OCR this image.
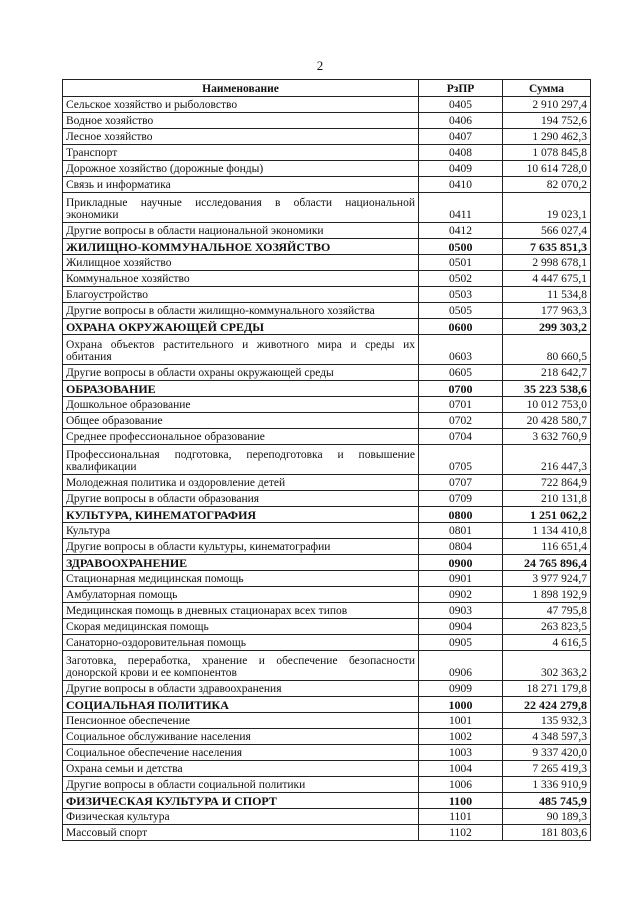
2
Наименование	РзПР	Сумма
Сельское хозяйство и рыболовство	0405	2 910 297,4
Водное хозяйство	0406	194 752,6
Лесное хозяйство	0407	1 290 462,3
Транспорт	0408	1 078 845,8
Дорожное хозяйство (дорожные фонды)	0409	10 614 728,0
Связь и информатика	0410	82 070,2
Прикладные научные исследования в области национальной экономики	0411	19 023,1
Другие вопросы в области национальной экономики	0412	566 027,4
ЖИЛИЩНО-КОММУНАЛЬНОЕ ХОЗЯЙСТВО	0500	7 635 851,3
Жилищное хозяйство	0501	2 998 678,1
Коммунальное хозяйство	0502	4 447 675,1
Благоустройство	0503	11 534,8
Другие вопросы в области жилищно-коммунального хозяйства	0505	177 963,3
ОХРАНА ОКРУЖАЮЩЕЙ СРЕДЫ	0600	299 303,2
Охрана объектов растительного и животного мира и среды их обитания	0603	80 660,5
Другие вопросы в области охраны окружающей среды	0605	218 642,7
ОБРАЗОВАНИЕ	0700	35 223 538,6
Дошкольное образование	0701	10 012 753,0
Общее образование	0702	20 428 580,7
Среднее профессиональное образование	0704	3 632 760,9
Профессиональная подготовка, переподготовка и повышение квалификации	0705	216 447,3
Молодежная политика и оздоровление детей	0707	722 864,9
Другие вопросы в области образования	0709	210 131,8
КУЛЬТУРА, КИНЕМАТОГРАФИЯ	0800	1 251 062,2
Культура	0801	1 134 410,8
Другие вопросы в области культуры, кинематографии	0804	116 651,4
ЗДРАВООХРАНЕНИЕ	0900	24 765 896,4
Стационарная медицинская помощь	0901	3 977 924,7
Амбулаторная помощь	0902	1 898 192,9
Медицинская помощь в дневных стационарах всех типов	0903	47 795,8
Скорая медицинская помощь	0904	263 823,5
Санаторно-оздоровительная помощь	0905	4 616,5
Заготовка, переработка, хранение и обеспечение безопасности донорской крови и ее компонентов	0906	302 363,2
Другие вопросы в области здравоохранения	0909	18 271 179,8
СОЦИАЛЬНАЯ ПОЛИТИКА	1000	22 424 279,8
Пенсионное обеспечение	1001	135 932,3
Социальное обслуживание населения	1002	4 348 597,3
Социальное обеспечение населения	1003	9 337 420,0
Охрана семьи и детства	1004	7 265 419,3
Другие вопросы в области социальной политики	1006	1 336 910,9
ФИЗИЧЕСКАЯ КУЛЬТУРА И СПОРТ	1100	485 745,9
Физическая культура	1101	90 189,3
Массовый спорт	1102	181 803,6
